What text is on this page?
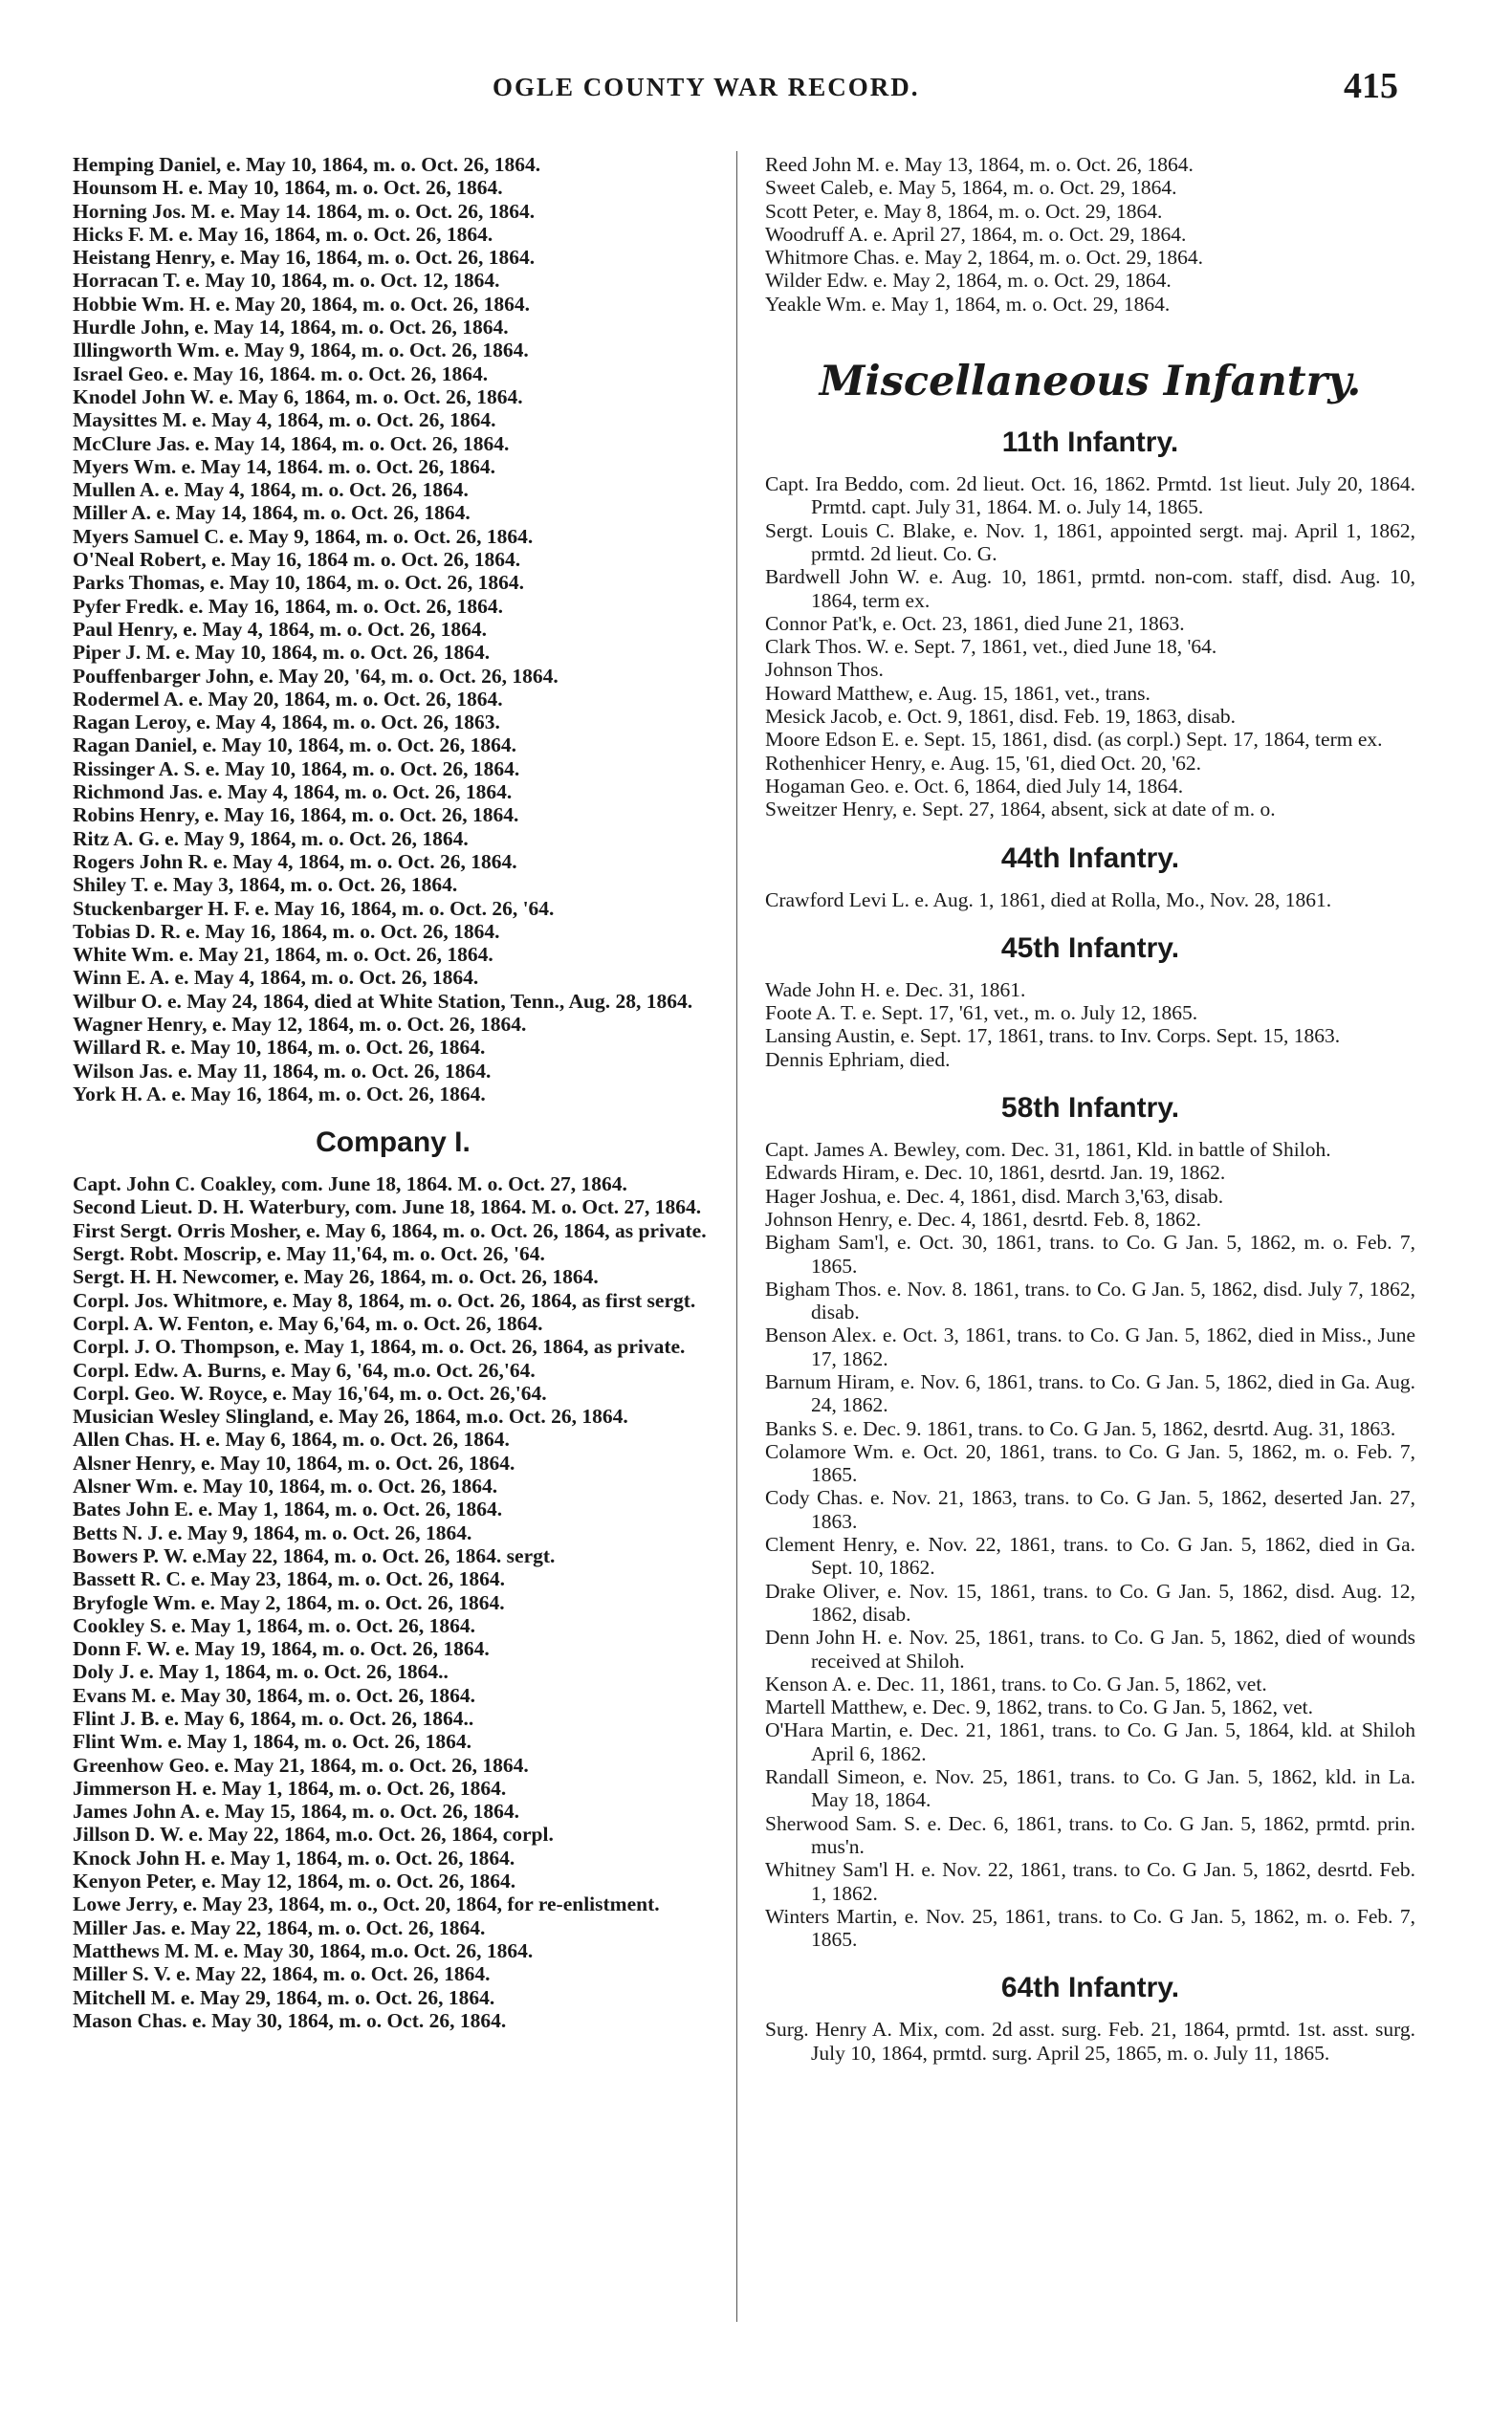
OGLE COUNTY WAR RECORD.	415
Hemping Daniel, e. May 10, 1864, m. o. Oct. 26, 1864.
Hounsom H. e. May 10, 1864, m. o. Oct. 26, 1864.
Horning Jos. M. e. May 14. 1864, m. o. Oct. 26, 1864.
Hicks F. M. e. May 16, 1864, m. o. Oct. 26, 1864.
Heistang Henry, e. May 16, 1864, m. o. Oct. 26, 1864.
Horracan T. e. May 10, 1864, m. o. Oct. 12, 1864.
Hobbie Wm. H. e. May 20, 1864, m. o. Oct. 26, 1864.
Hurdle John, e. May 14, 1864, m. o. Oct. 26, 1864.
Illingworth Wm. e. May 9, 1864, m. o. Oct. 26, 1864.
Israel Geo. e. May 16, 1864. m. o. Oct. 26, 1864.
Knodel John W. e. May 6, 1864, m. o. Oct. 26, 1864.
Maysittes M. e. May 4, 1864, m. o. Oct. 26, 1864.
McClure Jas. e. May 14, 1864, m. o. Oct. 26, 1864.
Myers Wm. e. May 14, 1864. m. o. Oct. 26, 1864.
Mullen A. e. May 4, 1864, m. o. Oct. 26, 1864.
Miller A. e. May 14, 1864, m. o. Oct. 26, 1864.
Myers Samuel C. e. May 9, 1864, m. o. Oct. 26, 1864.
O'Neal Robert, e. May 16, 1864 m. o. Oct. 26, 1864.
Parks Thomas, e. May 10, 1864, m. o. Oct. 26, 1864.
Pyfer Fredk. e. May 16, 1864, m. o. Oct. 26, 1864.
Paul Henry, e. May 4, 1864, m. o. Oct. 26, 1864.
Piper J. M. e. May 10, 1864, m. o. Oct. 26, 1864.
Pouffenbarger John, e. May 20, '64, m. o. Oct. 26, 1864.
Rodermel A. e. May 20, 1864, m. o. Oct. 26, 1864.
Ragan Leroy, e. May 4, 1864, m. o. Oct. 26, 1863.
Ragan Daniel, e. May 10, 1864, m. o. Oct. 26, 1864.
Rissinger A. S. e. May 10, 1864, m. o. Oct. 26, 1864.
Richmond Jas. e. May 4, 1864, m. o. Oct. 26, 1864.
Robins Henry, e. May 16, 1864, m. o. Oct. 26, 1864.
Ritz A. G. e. May 9, 1864, m. o. Oct. 26, 1864.
Rogers John R. e. May 4, 1864, m. o. Oct. 26, 1864.
Shiley T. e. May 3, 1864, m. o. Oct. 26, 1864.
Stuckenbarger H. F. e. May 16, 1864, m. o. Oct. 26, '64.
Tobias D. R. e. May 16, 1864, m. o. Oct. 26, 1864.
White Wm. e. May 21, 1864, m. o. Oct. 26, 1864.
Winn E. A. e. May 4, 1864, m. o. Oct. 26, 1864.
Wilbur O. e. May 24, 1864, died at White Station, Tenn., Aug. 28, 1864.
Wagner Henry, e. May 12, 1864, m. o. Oct. 26, 1864.
Willard R. e. May 10, 1864, m. o. Oct. 26, 1864.
Wilson Jas. e. May 11, 1864, m. o. Oct. 26, 1864.
York H. A. e. May 16, 1864, m. o. Oct. 26, 1864.
Company I.
Capt. John C. Coakley, com. June 18, 1864. M. o. Oct. 27, 1864.
Second Lieut. D. H. Waterbury, com. June 18, 1864. M. o. Oct. 27, 1864.
First Sergt. Orris Mosher, e. May 6, 1864, m. o. Oct. 26, 1864, as private.
Sergt. Robt. Moscrip, e. May 11,'64, m. o. Oct. 26, '64.
Sergt. H. H. Newcomer, e. May 26, 1864, m. o. Oct. 26, 1864.
Corpl. Jos. Whitmore, e. May 8, 1864, m. o. Oct. 26, 1864, as first sergt.
Corpl. A. W. Fenton, e. May 6,'64, m. o. Oct. 26, 1864.
Corpl. J. O. Thompson, e. May 1, 1864, m. o. Oct. 26, 1864, as private.
Corpl. Edw. A. Burns, e. May 6, '64, m.o. Oct. 26,'64.
Corpl. Geo. W. Royce, e. May 16,'64, m. o. Oct. 26,'64.
Musician Wesley Slingland, e. May 26, 1864, m.o. Oct. 26, 1864.
Allen Chas. H. e. May 6, 1864, m. o. Oct. 26, 1864.
Alsner Henry, e. May 10, 1864, m. o. Oct. 26, 1864.
Alsner Wm. e. May 10, 1864, m. o. Oct. 26, 1864.
Bates John E. e. May 1, 1864, m. o. Oct. 26, 1864.
Betts N. J. e. May 9, 1864, m. o. Oct. 26, 1864.
Bowers P. W. e.May 22, 1864, m. o. Oct. 26, 1864. sergt.
Bassett R. C. e. May 23, 1864, m. o. Oct. 26, 1864.
Bryfogle Wm. e. May 2, 1864, m. o. Oct. 26, 1864.
Cookley S. e. May 1, 1864, m. o. Oct. 26, 1864.
Donn F. W. e. May 19, 1864, m. o. Oct. 26, 1864.
Doly J. e. May 1, 1864, m. o. Oct. 26, 1864..
Evans M. e. May 30, 1864, m. o. Oct. 26, 1864.
Flint J. B. e. May 6, 1864, m. o. Oct. 26, 1864..
Flint Wm. e. May 1, 1864, m. o. Oct. 26, 1864.
Greenhow Geo. e. May 21, 1864, m. o. Oct. 26, 1864.
Jimmerson H. e. May 1, 1864, m. o. Oct. 26, 1864.
James John A. e. May 15, 1864, m. o. Oct. 26, 1864.
Jillson D. W. e. May 22, 1864, m.o. Oct. 26, 1864, corpl.
Knock John H. e. May 1, 1864, m. o. Oct. 26, 1864.
Kenyon Peter, e. May 12, 1864, m. o. Oct. 26, 1864.
Lowe Jerry, e. May 23, 1864, m. o., Oct. 20, 1864, for re-enlistment.
Miller Jas. e. May 22, 1864, m. o. Oct. 26, 1864.
Matthews M. M. e. May 30, 1864, m.o. Oct. 26, 1864.
Miller S. V. e. May 22, 1864, m. o. Oct. 26, 1864.
Mitchell M. e. May 29, 1864, m. o. Oct. 26, 1864.
Mason Chas. e. May 30, 1864, m. o. Oct. 26, 1864.
Reed John M. e. May 13, 1864, m. o. Oct. 26, 1864.
Sweet Caleb, e. May 5, 1864, m. o. Oct. 29, 1864.
Scott Peter, e. May 8, 1864, m. o. Oct. 29, 1864.
Woodruff A. e. April 27, 1864, m. o. Oct. 29, 1864.
Whitmore Chas. e. May 2, 1864, m. o. Oct. 29, 1864.
Wilder Edw. e. May 2, 1864, m. o. Oct. 29, 1864.
Yeakle Wm. e. May 1, 1864, m. o. Oct. 29, 1864.
Miscellaneous Infantry.
11th Infantry.
Capt. Ira Beddo, com. 2d lieut. Oct. 16, 1862. Prmtd. 1st lieut. July 20, 1864. Prmtd. capt. July 31, 1864. M. o. July 14, 1865.
Sergt. Louis C. Blake, e. Nov. 1, 1861, appointed sergt. maj. April 1, 1862, prmtd. 2d lieut. Co. G.
Bardwell John W. e. Aug. 10, 1861, prmtd. non-com. staff, disd. Aug. 10, 1864, term ex.
Connor Pat'k, e. Oct. 23, 1861, died June 21, 1863.
Clark Thos. W. e. Sept. 7, 1861, vet., died June 18, '64.
Johnson Thos.
Howard Matthew, e. Aug. 15, 1861, vet., trans.
Mesick Jacob, e. Oct. 9, 1861, disd. Feb. 19, 1863, disab.
Moore Edson E. e. Sept. 15, 1861, disd. (as corpl.) Sept. 17, 1864, term ex.
Rothenhicer Henry, e. Aug. 15, '61, died Oct. 20, '62.
Hogaman Geo. e. Oct. 6, 1864, died July 14, 1864.
Sweitzer Henry, e. Sept. 27, 1864, absent, sick at date of m. o.
44th Infantry.
Crawford Levi L. e. Aug. 1, 1861, died at Rolla, Mo., Nov. 28, 1861.
45th Infantry.
Wade John H. e. Dec. 31, 1861.
Foote A. T. e. Sept. 17, '61, vet., m. o. July 12, 1865.
Lansing Austin, e. Sept. 17, 1861, trans. to Inv. Corps. Sept. 15, 1863.
Dennis Ephriam, died.
58th Infantry.
Capt. James A. Bewley, com. Dec. 31, 1861, Kld. in battle of Shiloh.
Edwards Hiram, e. Dec. 10, 1861, desrtd. Jan. 19, 1862.
Hager Joshua, e. Dec. 4, 1861, disd. March 3,'63, disab.
Johnson Henry, e. Dec. 4, 1861, desrtd. Feb. 8, 1862.
Bigham Sam'l, e. Oct. 30, 1861, trans. to Co. G Jan. 5, 1862, m. o. Feb. 7, 1865.
Bigham Thos. e. Nov. 8. 1861, trans. to Co. G Jan. 5, 1862, disd. July 7, 1862, disab.
Benson Alex. e. Oct. 3, 1861, trans. to Co. G Jan. 5, 1862, died in Miss., June 17, 1862.
Barnum Hiram, e. Nov. 6, 1861, trans. to Co. G Jan. 5, 1862, died in Ga. Aug. 24, 1862.
Banks S. e. Dec. 9. 1861, trans. to Co. G Jan. 5, 1862, desrtd. Aug. 31, 1863.
Colamore Wm. e. Oct. 20, 1861, trans. to Co. G Jan. 5, 1862, m. o. Feb. 7, 1865.
Cody Chas. e. Nov. 21, 1863, trans. to Co. G Jan. 5, 1862, deserted Jan. 27, 1863.
Clement Henry, e. Nov. 22, 1861, trans. to Co. G Jan. 5, 1862, died in Ga. Sept. 10, 1862.
Drake Oliver, e. Nov. 15, 1861, trans. to Co. G Jan. 5, 1862, disd. Aug. 12, 1862, disab.
Denn John H. e. Nov. 25, 1861, trans. to Co. G Jan. 5, 1862, died of wounds received at Shiloh.
Kenson A. e. Dec. 11, 1861, trans. to Co. G Jan. 5, 1862, vet.
Martell Matthew, e. Dec. 9, 1862, trans. to Co. G Jan. 5, 1862, vet.
O'Hara Martin, e. Dec. 21, 1861, trans. to Co. G Jan. 5, 1864, kld. at Shiloh April 6, 1862.
Randall Simeon, e. Nov. 25, 1861, trans. to Co. G Jan. 5, 1862, kld. in La. May 18, 1864.
Sherwood Sam. S. e. Dec. 6, 1861, trans. to Co. G Jan. 5, 1862, prmtd. prin. mus'n.
Whitney Sam'l H. e. Nov. 22, 1861, trans. to Co. G Jan. 5, 1862, desrtd. Feb. 1, 1862.
Winters Martin, e. Nov. 25, 1861, trans. to Co. G Jan. 5, 1862, m. o. Feb. 7, 1865.
64th Infantry.
Surg. Henry A. Mix, com. 2d asst. surg. Feb. 21, 1864, prmtd. 1st. asst. surg. July 10, 1864, prmtd. surg. April 25, 1865, m. o. July 11, 1865.
